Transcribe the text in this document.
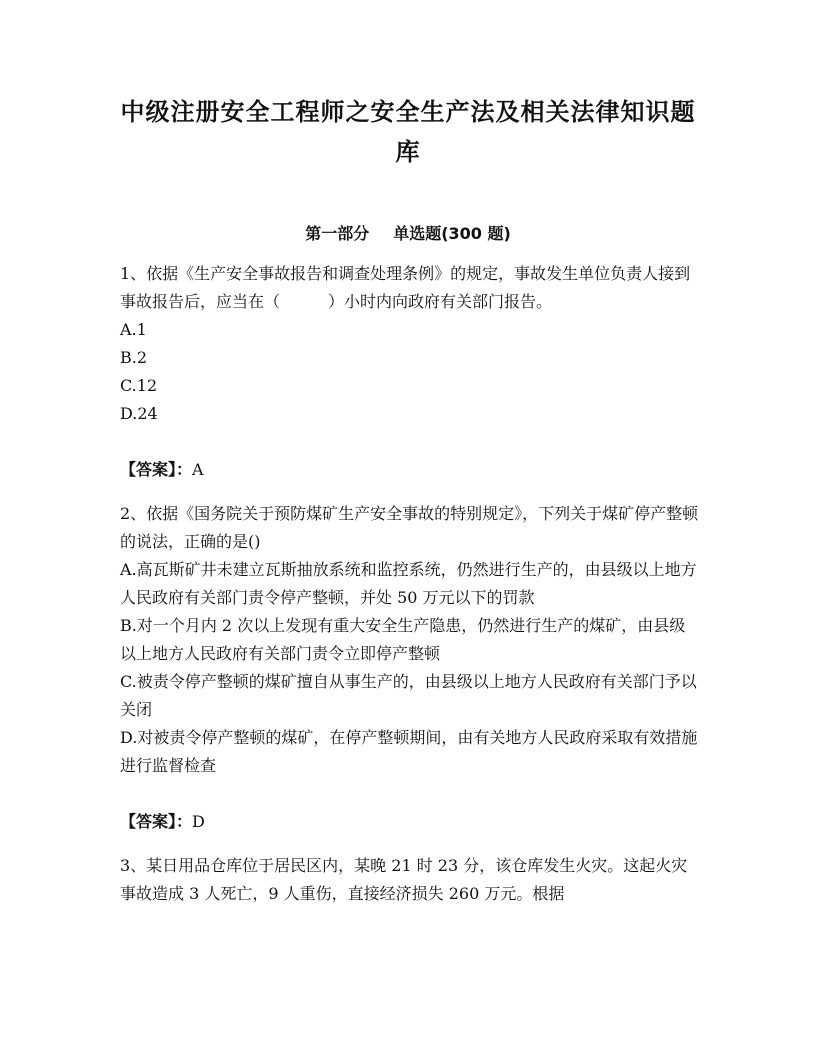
中级注册安全工程师之安全生产法及相关法律知识题
库
第一部分 单选题(300 题)

1、依据《生产安全事故报告和调查处理条例》的规定，事故发生单位负责人接到事故报告后，应当在（　　　）小时内向政府有关部门报告。

A.1

B.2

C.12

D.24

【答案】：A

2、依据《国务院关于预防煤矿生产安全事故的特别规定》，下列关于煤矿停产整顿的说法，正确的是()

A.高瓦斯矿井未建立瓦斯抽放系统和监控系统，仍然进行生产的，由县级以上地方人民政府有关部门责令停产整顿，并处 50 万元以下的罚款

B.对一个月内 2 次以上发现有重大安全生产隐患，仍然进行生产的煤矿，由县级以上地方人民政府有关部门责令立即停产整顿

C.被责令停产整顿的煤矿擅自从事生产的，由县级以上地方人民政府有关部门予以关闭

D.对被责令停产整顿的煤矿，在停产整顿期间，由有关地方人民政府采取有效措施进行监督检查

【答案】：D

3、某日用品仓库位于居民区内，某晚 21 时 23 分，该仓库发生火灾。这起火灾事故造成 3 人死亡，9 人重伤，直接经济损失 260 万元。根据
